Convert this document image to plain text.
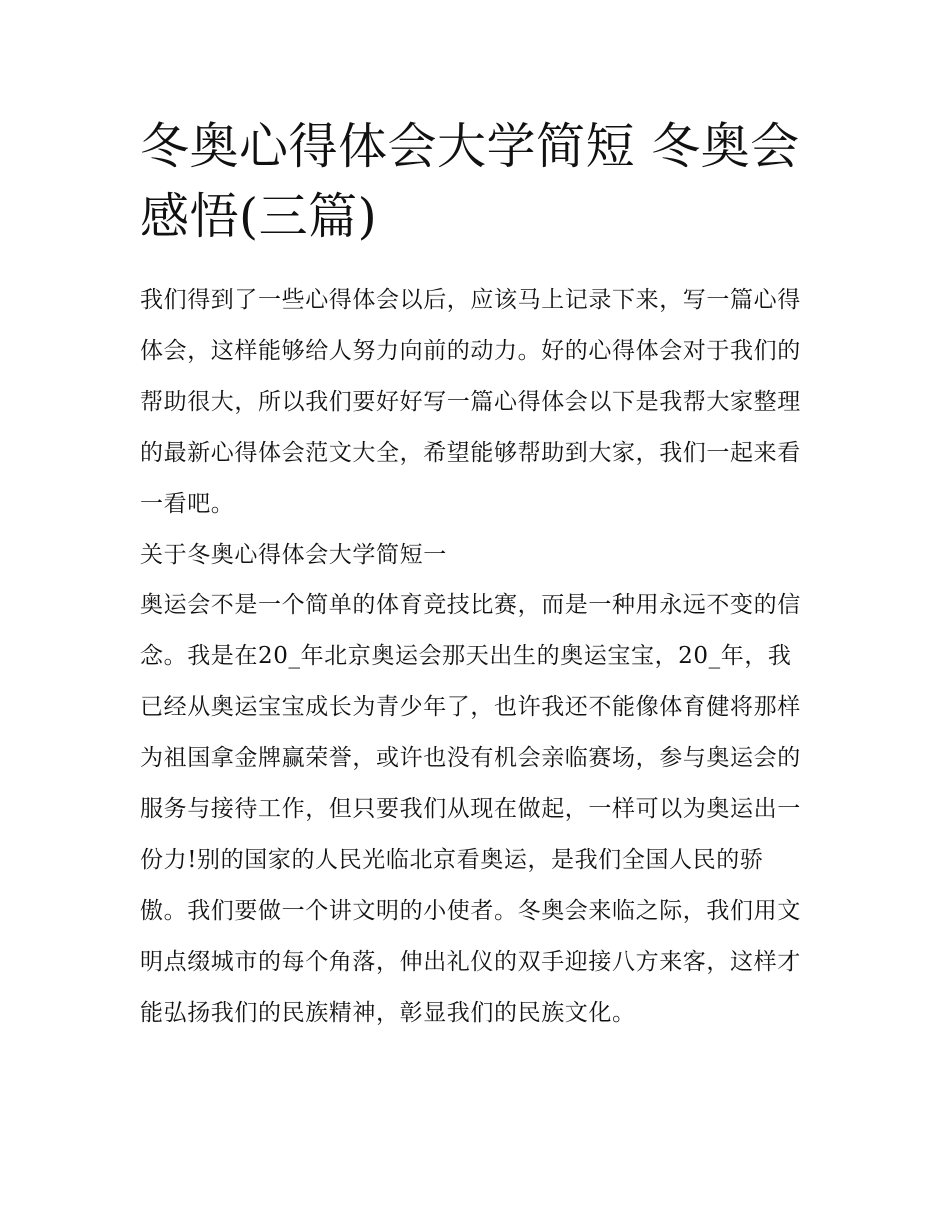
冬奥心得体会大学简短 冬奥会感悟(三篇)

我们得到了一些心得体会以后，应该马上记录下来，写一篇心得体会，这样能够给人努力向前的动力。好的心得体会对于我们的帮助很大，所以我们要好好写一篇心得体会以下是我帮大家整理的最新心得体会范文大全，希望能够帮助到大家，我们一起来看一看吧。

关于冬奥心得体会大学简短一

奥运会不是一个简单的体育竞技比赛，而是一种用永远不变的信念。我是在20_年北京奥运会那天出生的奥运宝宝，20_年，我已经从奥运宝宝成长为青少年了，也许我还不能像体育健将那样为祖国拿金牌赢荣誉，或许也没有机会亲临赛场，参与奥运会的服务与接待工作，但只要我们从现在做起，一样可以为奥运出一份力!别的国家的人民光临北京看奥运，是我们全国人民的骄傲。我们要做一个讲文明的小使者。冬奥会来临之际，我们用文明点缀城市的每个角落，伸出礼仪的双手迎接八方来客，这样才能弘扬我们的民族精神，彰显我们的民族文化。
